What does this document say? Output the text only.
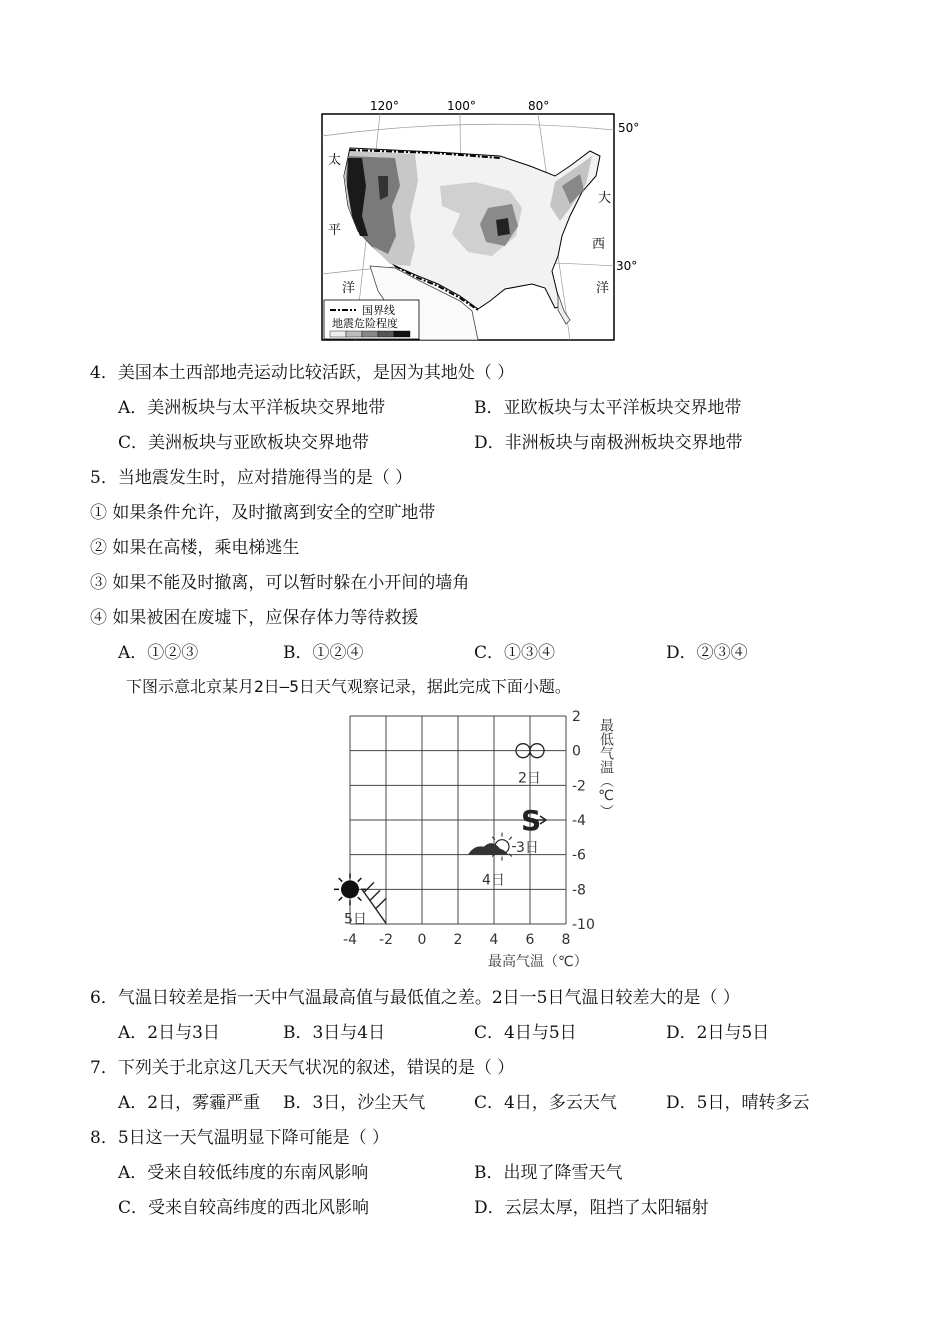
120°	100°	80°
50°
30°
太
平
洋
大
西
洋
国界线
地震危险程度
4．美国本土西部地壳运动比较活跃，是因为其地处（ ）
A．美洲板块与太平洋板块交界地带	B．亚欧板块与太平洋板块交界地带
C．美洲板块与亚欧板块交界地带	D．非洲板块与南极洲板块交界地带
5．当地震发生时，应对措施得当的是（ ）
① 如果条件允许，及时撤离到安全的空旷地带
② 如果在高楼，乘电梯逃生
③ 如果不能及时撤离，可以暂时躲在小开间的墙角
④ 如果被困在废墟下，应保存体力等待救援
A．①②③	B．①②④	C．①③④	D．②③④
下图示意北京某月2日—5日天气观察记录，据此完成下面小题。
-4 -2 0 2 4 6 8
2
0
-2
-4
-6
-8
-10
2日
S
3日
4日
5日
最低气温（℃）
最高气温（℃）
6．气温日较差是指一天中气温最高值与最低值之差。2日一5日气温日较差大的是（ ）
A．2日与3日	B．3日与4日	C．4日与5日	D．2日与5日
7．下列关于北京这几天天气状况的叙述，错误的是（ ）
A．2日，雾霾严重 B．3日，沙尘天气	C．4日，多云天气	D．5日，晴转多云
8．5日这一天气温明显下降可能是（ ）
A．受来自较低纬度的东南风影响	B．出现了降雪天气
C．受来自较高纬度的西北风影响	D．云层太厚，阻挡了太阳辐射
